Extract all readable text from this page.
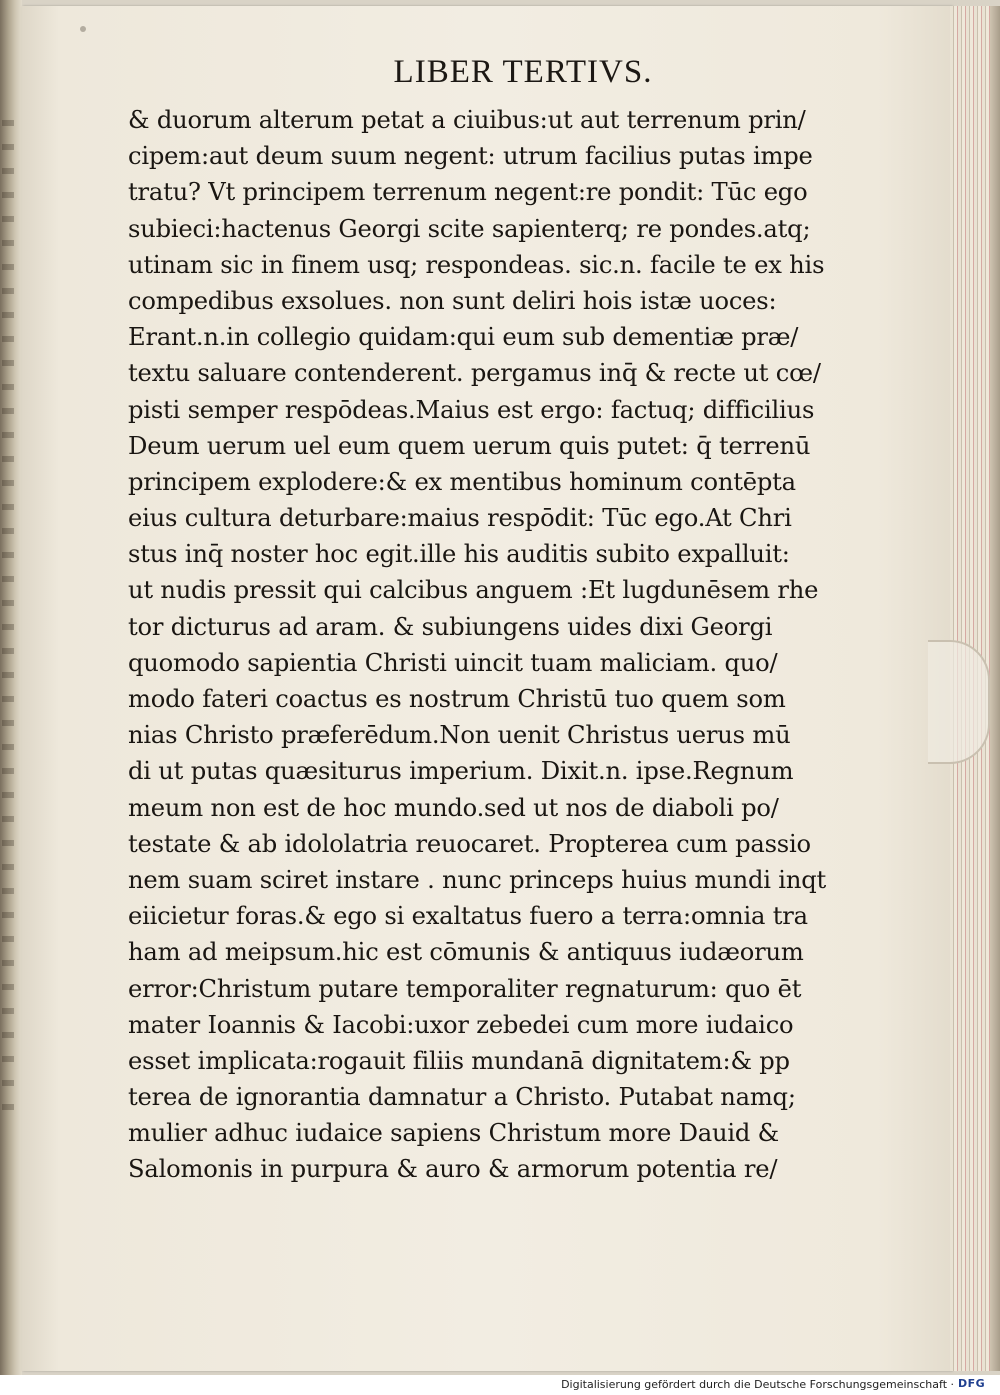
LIBER TERTIVS.
& duorum alterum petat a ciuibus:ut aut terrenum prin/
cipem:aut deum suum negent: utrum facilius putas impe
tratu? Vt principem terrenum negent:re pondit: Tūc ego
subieci:hactenus Georgi scite sapienterq; re pondes.atq;
utinam sic in finem usq; respondeas. sic.n. facile te ex his
compedibus exsolues. non sunt deliri hois istæ uoces:
Erant.n.in collegio quidam:qui eum sub dementiæ præ/
textu saluare contenderent. pergamus inq̄ & recte ut cœ/
pisti semper respōdeas.Maius est ergo: factuq; difficilius
Deum uerum uel eum quem uerum quis putet: q̄ terrenū
principem explodere:& ex mentibus hominum contēpta
eius cultura deturbare:maius respōdit: Tūc ego.At Chri
stus inq̄ noster hoc egit.ille his auditis subito expalluit:
ut nudis pressit qui calcibus anguem :Et lugdunēsem rhe
tor dicturus ad aram. & subiungens uides dixi Georgi
quomodo sapientia Christi uincit tuam maliciam. quo/
modo fateri coactus es nostrum Christū tuo quem som
nias Christo præferēdum.Non uenit Christus uerus mū
di ut putas quæsiturus imperium. Dixit.n. ipse.Regnum
meum non est de hoc mundo.sed ut nos de diaboli po/
testate & ab idololatria reuocaret. Propterea cum passio
nem suam sciret instare . nunc princeps huius mundi inqt
eiicietur foras.& ego si exaltatus fuero a terra:omnia tra
ham ad meipsum.hic est cōmunis & antiquus iudæorum
error:Christum putare temporaliter regnaturum: quo ēt
mater Ioannis & Iacobi:uxor zebedei cum more iudaico
esset implicata:rogauit filiis mundanā dignitatem:& pp
terea de ignorantia damnatur a Christo. Putabat namq;
mulier adhuc iudaice sapiens Christum more Dauid &
Salomonis in purpura & auro & armorum potentia re/
Digitalisierung gefördert durch die Deutsche Forschungsgemeinschaft · DFG
